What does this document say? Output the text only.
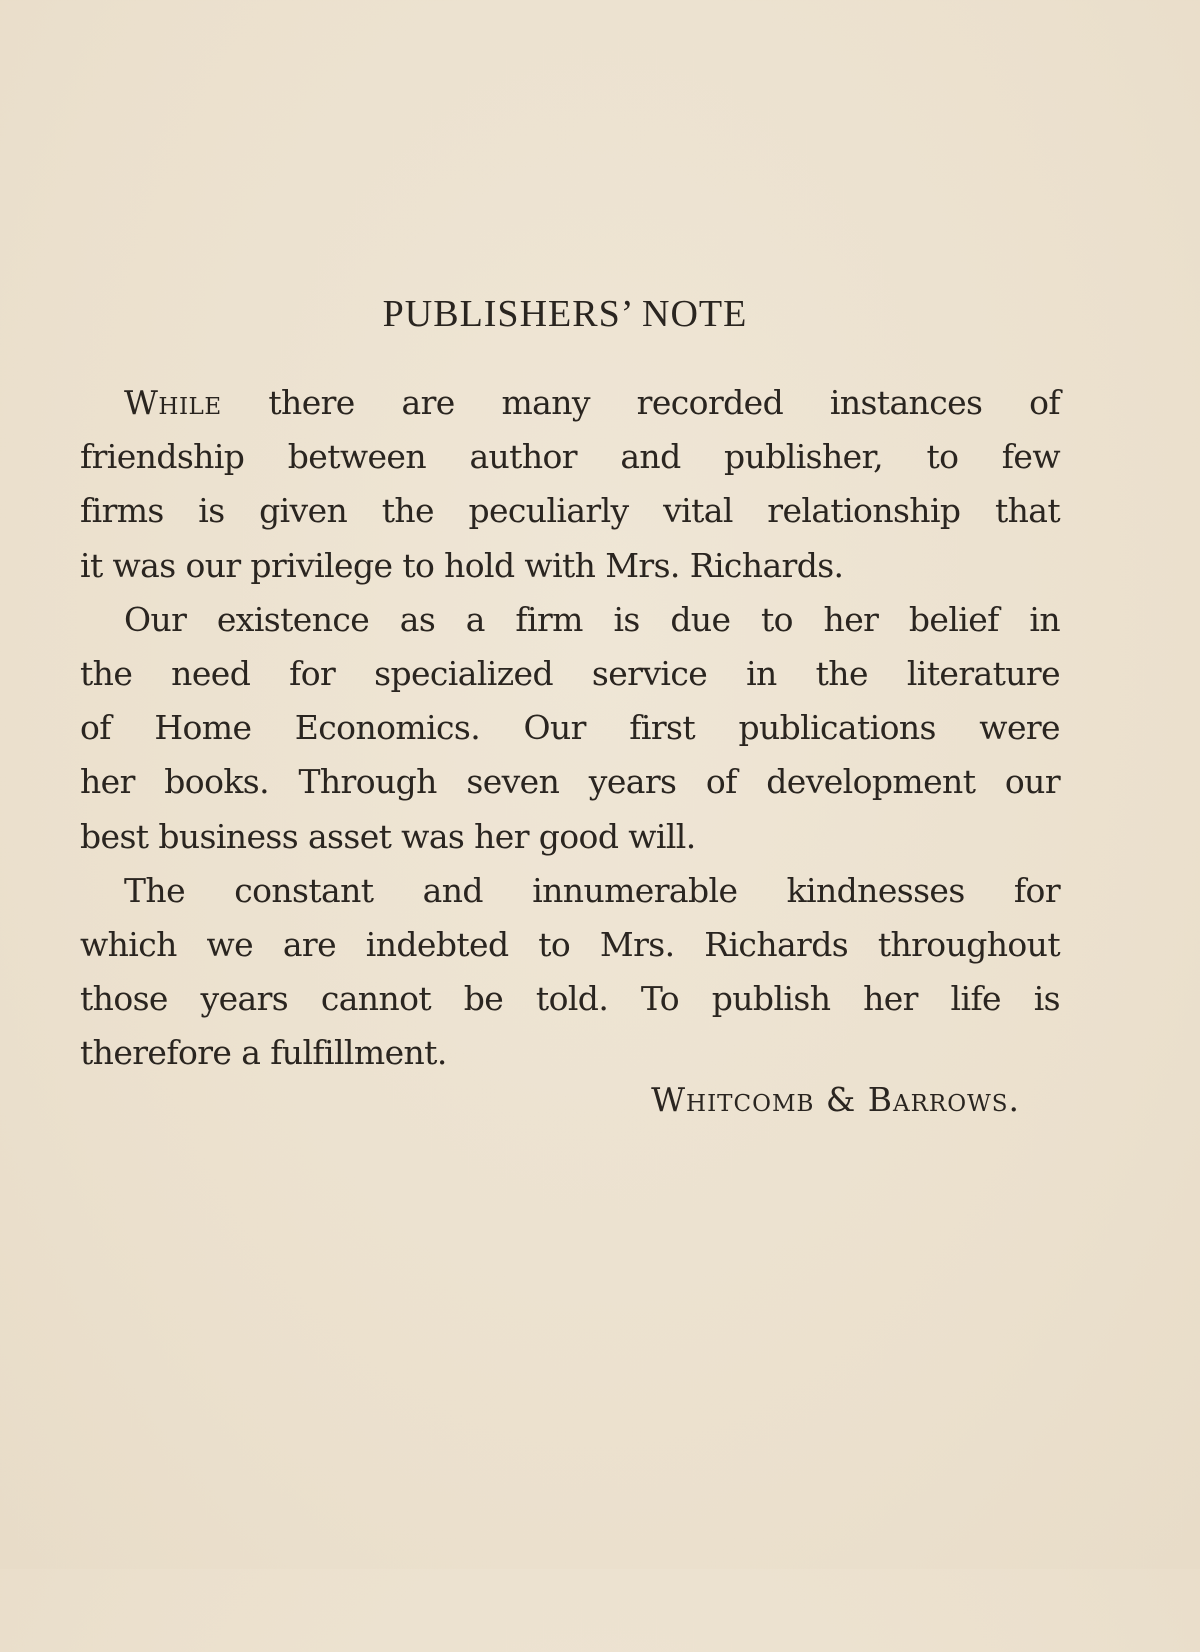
PUBLISHERS’ NOTE
While there are many recorded instances of
friendship between author and publisher, to few
firms is given the peculiarly vital relationship that
it was our privilege to hold with Mrs. Richards.
Our existence as a firm is due to her belief in
the need for specialized service in the literature
of Home Economics. Our first publications were
her books. Through seven years of development our
best business asset was her good will.
The constant and innumerable kindnesses for
which we are indebted to Mrs. Richards throughout
those years cannot be told. To publish her life is
therefore a fulfillment.

Whitcomb & Barrows.
